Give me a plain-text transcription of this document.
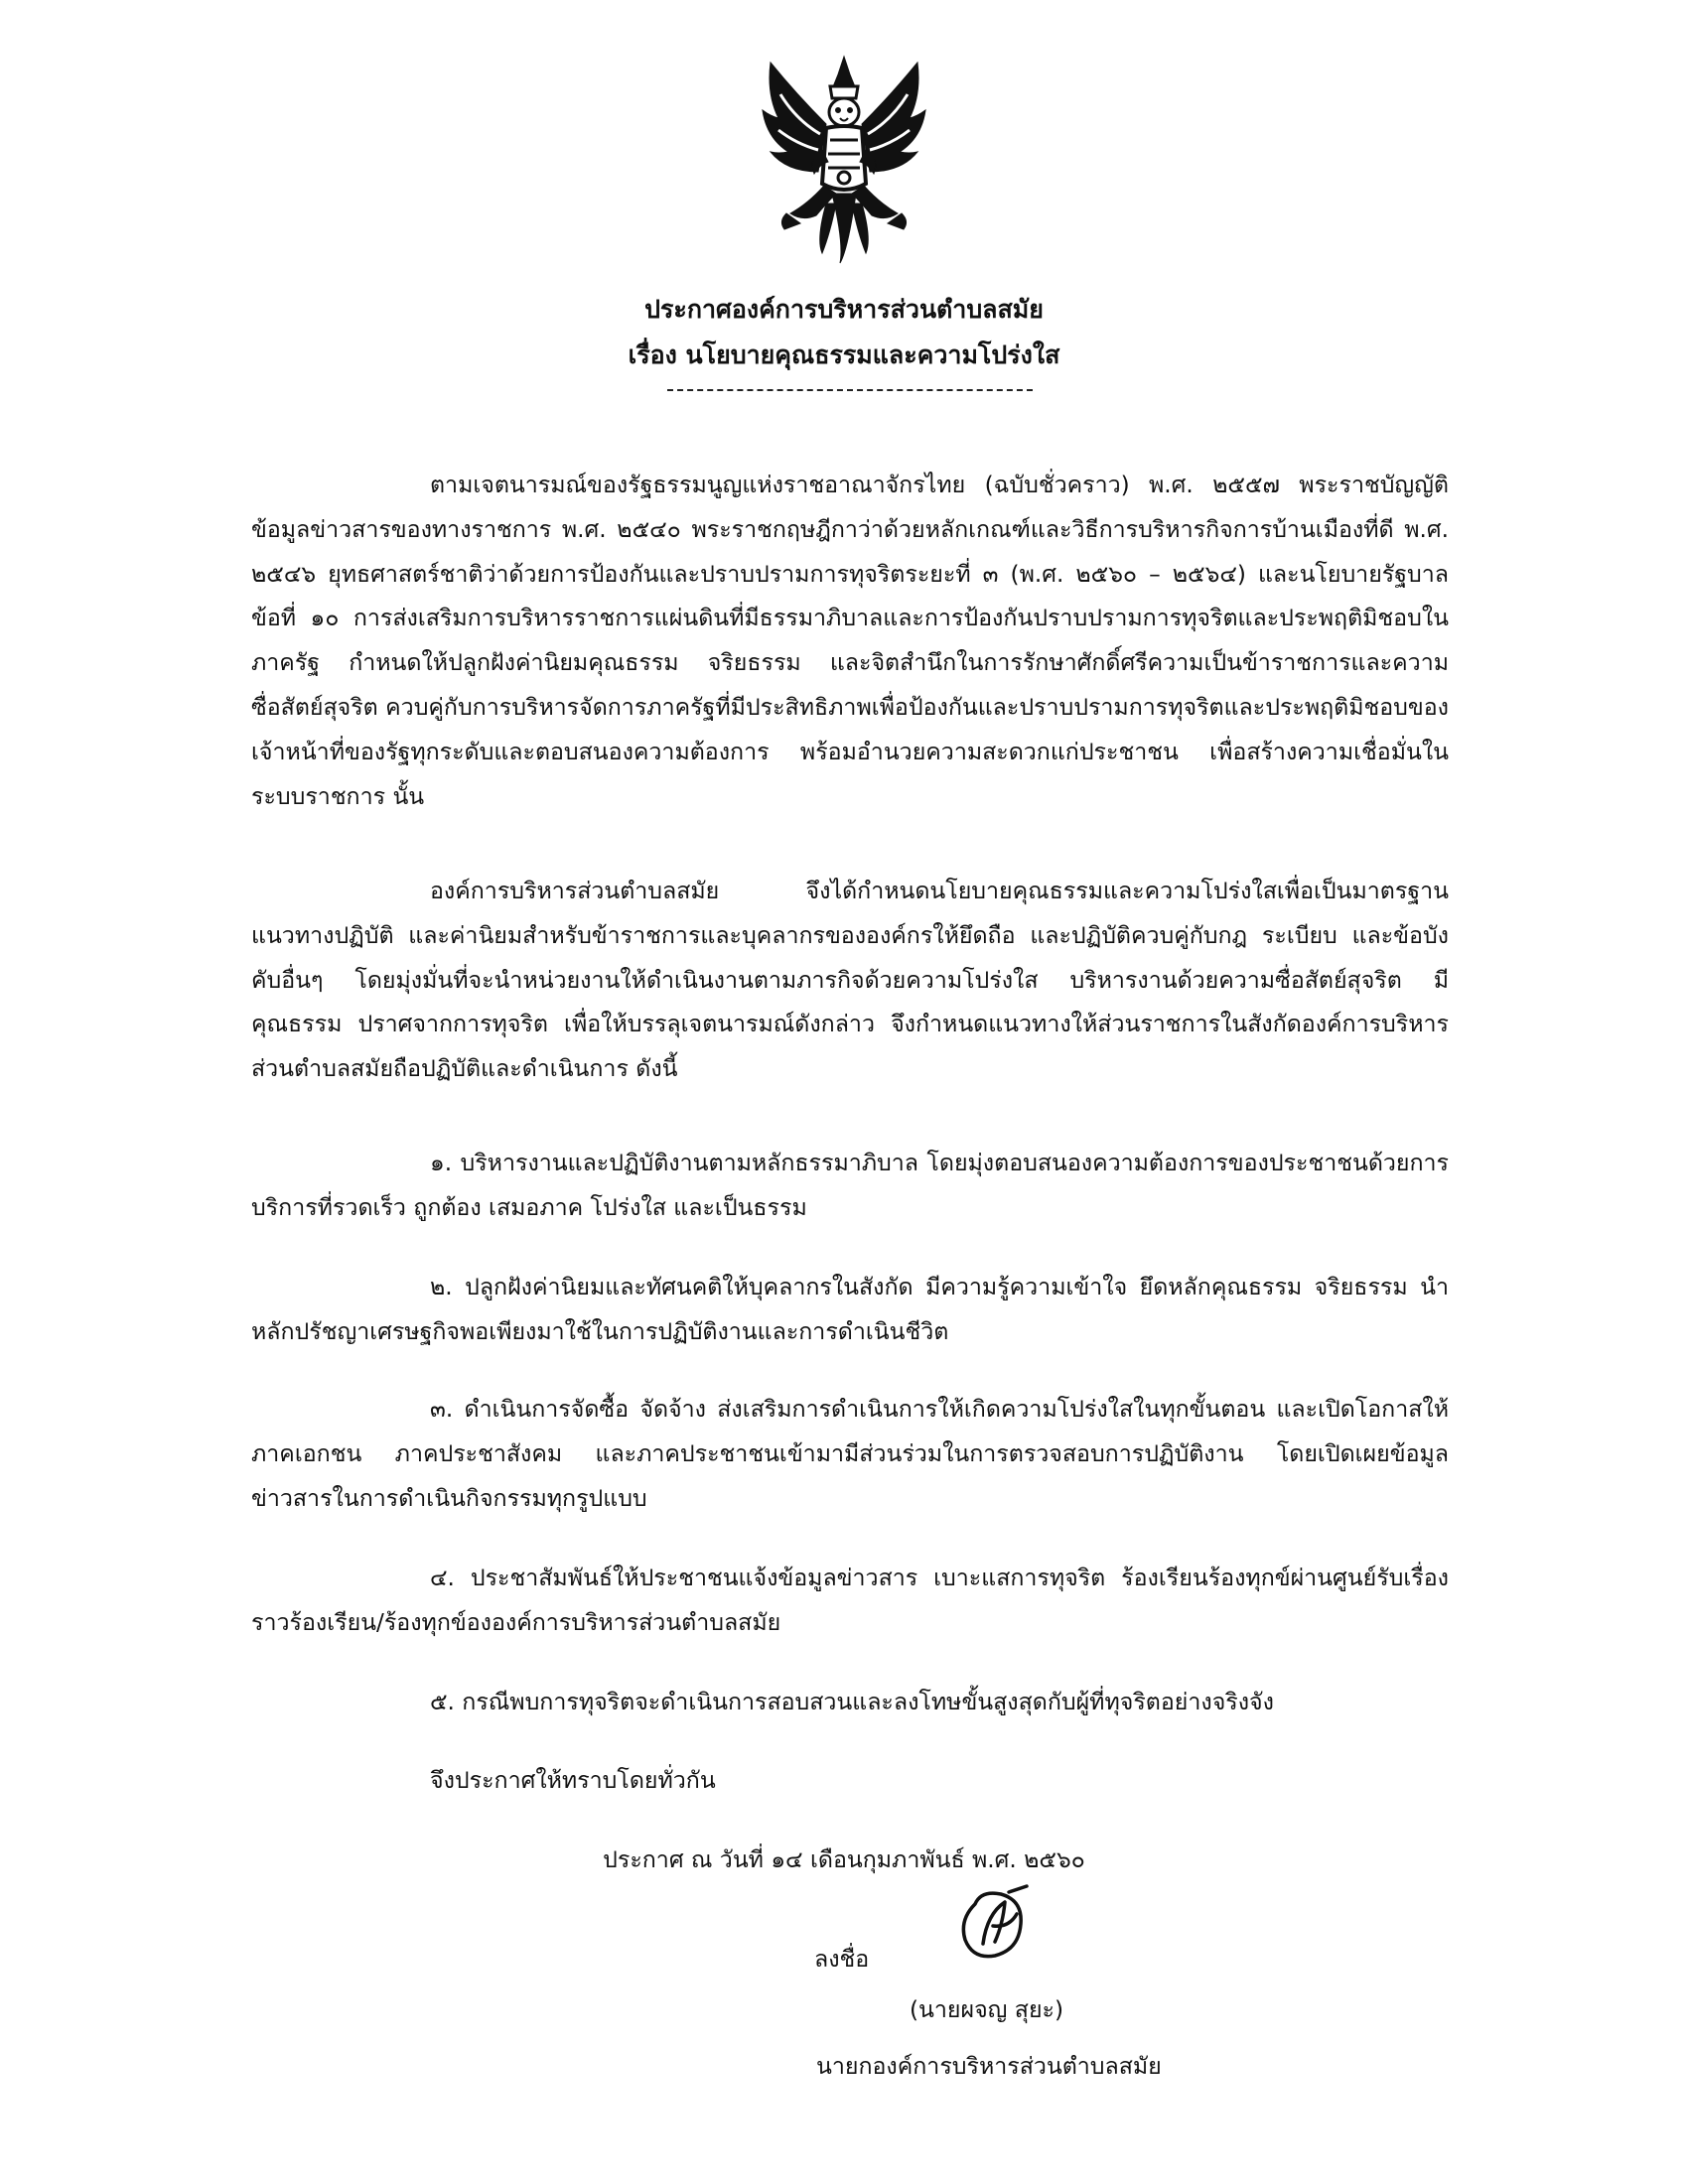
ประกาศองค์การบริหารส่วนตำบลสมัย
เรื่อง นโยบายคุณธรรมและความโปร่งใส
ตามเจตนารมณ์ของรัฐธรรมนูญแห่งราชอาณาจักรไทย (ฉบับชั่วคราว) พ.ศ. ๒๕๕๗ พระราชบัญญัติข้อมูลข่าวสารของทางราชการ พ.ศ. ๒๕๔๐ พระราชกฤษฎีกาว่าด้วยหลักเกณฑ์และวิธีการบริหารกิจการบ้านเมืองที่ดี พ.ศ. ๒๕๔๖ ยุทธศาสตร์ชาติว่าด้วยการป้องกันและปราบปรามการทุจริตระยะที่ ๓ (พ.ศ. ๒๕๖๐ – ๒๕๖๔) และนโยบายรัฐบาล ข้อที่ ๑๐ การส่งเสริมการบริหารราชการแผ่นดินที่มีธรรมาภิบาลและการป้องกันปราบปรามการทุจริตและประพฤติมิชอบในภาครัฐ กำหนดให้ปลูกฝังค่านิยมคุณธรรม จริยธรรม และจิตสำนึกในการรักษาศักดิ์ศรีความเป็นข้าราชการและความซื่อสัตย์สุจริต ควบคู่กับการบริหารจัดการภาครัฐที่มีประสิทธิภาพเพื่อป้องกันและปราบปรามการทุจริตและประพฤติมิชอบของเจ้าหน้าที่ของรัฐทุกระดับและตอบสนองความต้องการ พร้อมอำนวยความสะดวกแก่ประชาชน เพื่อสร้างความเชื่อมั่นในระบบราชการ นั้น
องค์การบริหารส่วนตำบลสมัย จึงได้กำหนดนโยบายคุณธรรมและความโปร่งใสเพื่อเป็นมาตรฐาน แนวทางปฏิบัติ และค่านิยมสำหรับข้าราชการและบุคลากรขององค์กรให้ยึดถือ และปฏิบัติควบคู่กับกฎ ระเบียบ และข้อบังคับอื่นๆ โดยมุ่งมั่นที่จะนำหน่วยงานให้ดำเนินงานตามภารกิจด้วยความโปร่งใส บริหารงานด้วยความซื่อสัตย์สุจริต มีคุณธรรม ปราศจากการทุจริต เพื่อให้บรรลุเจตนารมณ์ดังกล่าว จึงกำหนดแนวทางให้ส่วนราชการในสังกัดองค์การบริหารส่วนตำบลสมัยถือปฏิบัติและดำเนินการ ดังนี้
๑. บริหารงานและปฏิบัติงานตามหลักธรรมาภิบาล โดยมุ่งตอบสนองความต้องการของประชาชนด้วยการบริการที่รวดเร็ว ถูกต้อง เสมอภาค โปร่งใส และเป็นธรรม
๒. ปลูกฝังค่านิยมและทัศนคติให้บุคลากรในสังกัด มีความรู้ความเข้าใจ ยึดหลักคุณธรรม จริยธรรม นำหลักปรัชญาเศรษฐกิจพอเพียงมาใช้ในการปฏิบัติงานและการดำเนินชีวิต
๓. ดำเนินการจัดซื้อ จัดจ้าง ส่งเสริมการดำเนินการให้เกิดความโปร่งใสในทุกขั้นตอน และเปิดโอกาสให้ภาคเอกชน ภาคประชาสังคม และภาคประชาชนเข้ามามีส่วนร่วมในการตรวจสอบการปฏิบัติงาน โดยเปิดเผยข้อมูลข่าวสารในการดำเนินกิจกรรมทุกรูปแบบ
๔. ประชาสัมพันธ์ให้ประชาชนแจ้งข้อมูลข่าวสาร เบาะแสการทุจริต ร้องเรียนร้องทุกข์ผ่านศูนย์รับเรื่องราวร้องเรียน/ร้องทุกข์ององค์การบริหารส่วนตำบลสมัย
๕. กรณีพบการทุจริตจะดำเนินการสอบสวนและลงโทษขั้นสูงสุดกับผู้ที่ทุจริตอย่างจริงจัง
จึงประกาศให้ทราบโดยทั่วกัน
ประกาศ ณ วันที่ ๑๔ เดือนกุมภาพันธ์ พ.ศ. ๒๕๖๐
ลงชื่อ
(นายผจญ สุยะ)
นายกองค์การบริหารส่วนตำบลสมัย
